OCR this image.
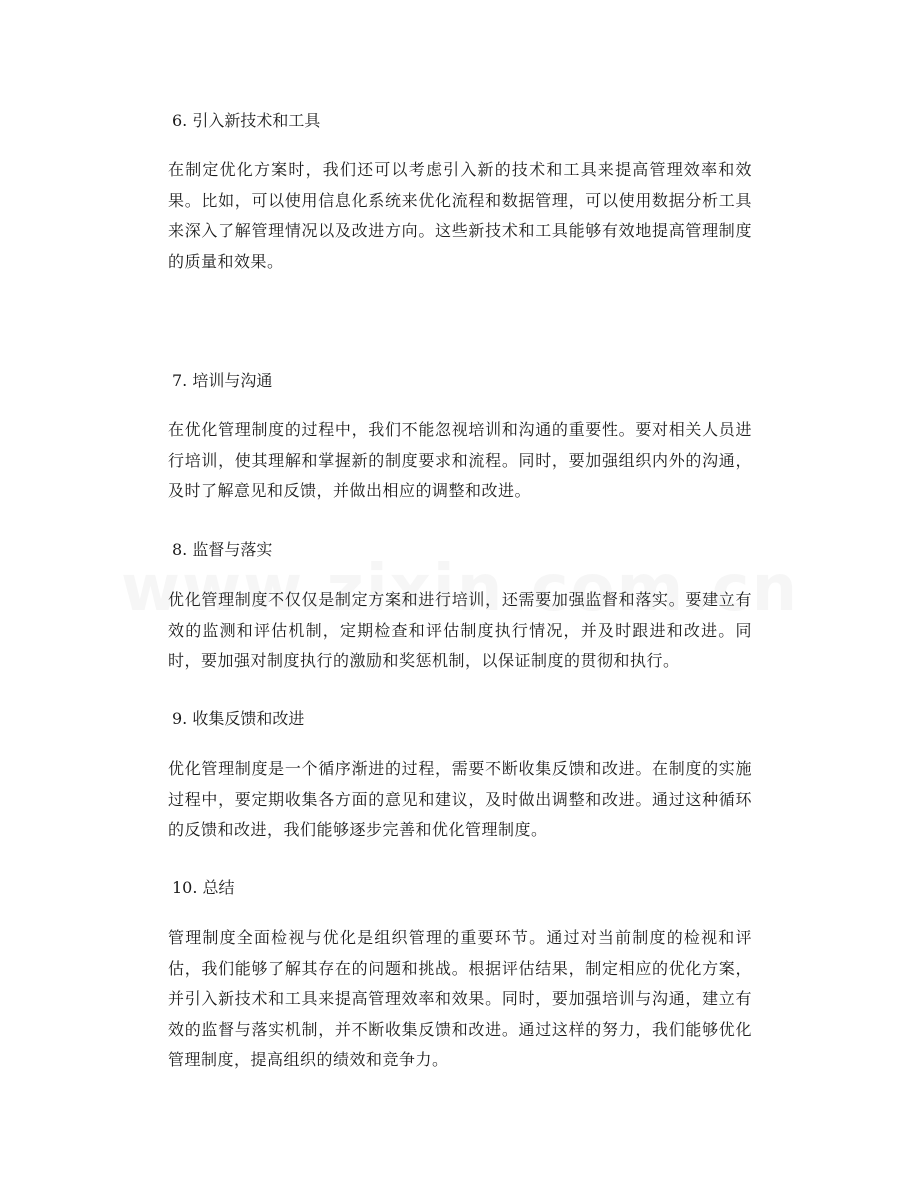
6. 引入新技术和工具
在制定优化方案时，我们还可以考虑引入新的技术和工具来提高管理效率和效果。比如，可以使用信息化系统来优化流程和数据管理，可以使用数据分析工具来深入了解管理情况以及改进方向。这些新技术和工具能够有效地提高管理制度的质量和效果。
7. 培训与沟通
在优化管理制度的过程中，我们不能忽视培训和沟通的重要性。要对相关人员进行培训，使其理解和掌握新的制度要求和流程。同时，要加强组织内外的沟通，及时了解意见和反馈，并做出相应的调整和改进。
8. 监督与落实
优化管理制度不仅仅是制定方案和进行培训，还需要加强监督和落实。要建立有效的监测和评估机制，定期检查和评估制度执行情况，并及时跟进和改进。同时，要加强对制度执行的激励和奖惩机制，以保证制度的贯彻和执行。
9. 收集反馈和改进
优化管理制度是一个循序渐进的过程，需要不断收集反馈和改进。在制度的实施过程中，要定期收集各方面的意见和建议，及时做出调整和改进。通过这种循环的反馈和改进，我们能够逐步完善和优化管理制度。
10. 总结
管理制度全面检视与优化是组织管理的重要环节。通过对当前制度的检视和评估，我们能够了解其存在的问题和挑战。根据评估结果，制定相应的优化方案，并引入新技术和工具来提高管理效率和效果。同时，要加强培训与沟通，建立有效的监督与落实机制，并不断收集反馈和改进。通过这样的努力，我们能够优化管理制度，提高组织的绩效和竞争力。
